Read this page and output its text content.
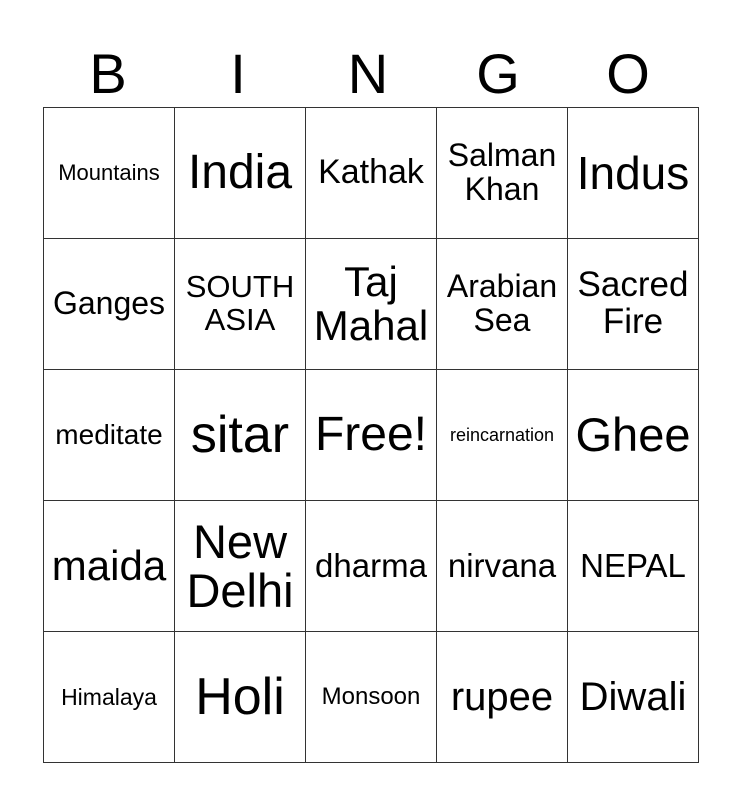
B	I	N	G	O
Mountains	India	Kathak	Salman Khan	Indus
Ganges	SOUTH ASIA	Taj Mahal	Arabian Sea	Sacred Fire
meditate	sitar	Free!	reincarnation	Ghee
maida	New Delhi	dharma	nirvana	NEPAL
Himalaya	Holi	Monsoon	rupee	Diwali
